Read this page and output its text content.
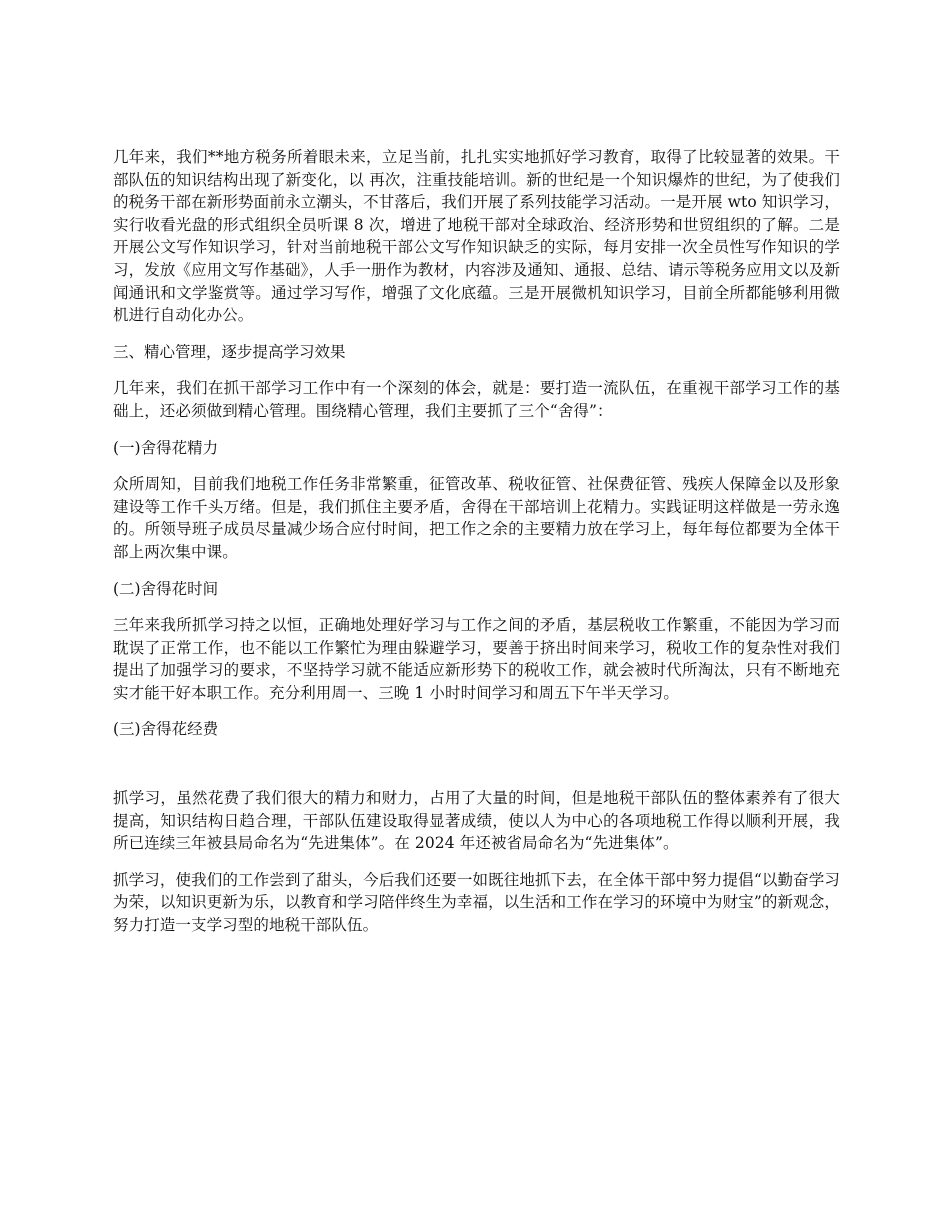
几年来，我们**地方税务所着眼未来，立足当前，扎扎实实地抓好学习教育，取得了比较显著的效果。干部队伍的知识结构出现了新变化，以 再次，注重技能培训。新的世纪是一个知识爆炸的世纪，为了使我们的税务干部在新形势面前永立潮头，不甘落后，我们开展了系列技能学习活动。一是开展 wto 知识学习，实行收看光盘的形式组织全员听课 8 次，增进了地税干部对全球政治、经济形势和世贸组织的了解。二是开展公文写作知识学习，针对当前地税干部公文写作知识缺乏的实际，每月安排一次全员性写作知识的学习，发放《应用文写作基础》，人手一册作为教材，内容涉及通知、通报、总结、请示等税务应用文以及新闻通讯和文学鉴赏等。通过学习写作，增强了文化底蕴。三是开展微机知识学习，目前全所都能够利用微机进行自动化办公。

三、精心管理，逐步提高学习效果

几年来，我们在抓干部学习工作中有一个深刻的体会，就是：要打造一流队伍，在重视干部学习工作的基础上，还必须做到精心管理。围绕精心管理，我们主要抓了三个“舍得”：

(一)舍得花精力

众所周知，目前我们地税工作任务非常繁重，征管改革、税收征管、社保费征管、残疾人保障金以及形象建设等工作千头万绪。但是，我们抓住主要矛盾，舍得在干部培训上花精力。实践证明这样做是一劳永逸的。所领导班子成员尽量减少场合应付时间，把工作之余的主要精力放在学习上，每年每位都要为全体干部上两次集中课。

(二)舍得花时间

三年来我所抓学习持之以恒，正确地处理好学习与工作之间的矛盾，基层税收工作繁重，不能因为学习而耽误了正常工作，也不能以工作繁忙为理由躲避学习，要善于挤出时间来学习，税收工作的复杂性对我们提出了加强学习的要求，不坚持学习就不能适应新形势下的税收工作，就会被时代所淘汰，只有不断地充实才能干好本职工作。充分利用周一、三晚 1 小时时间学习和周五下午半天学习。

(三)舍得花经费

抓学习，虽然花费了我们很大的精力和财力，占用了大量的时间，但是地税干部队伍的整体素养有了很大提高，知识结构日趋合理，干部队伍建设取得显著成绩，使以人为中心的各项地税工作得以顺利开展，我所已连续三年被县局命名为“先进集体”。在 2024 年还被省局命名为“先进集体”。

抓学习，使我们的工作尝到了甜头，今后我们还要一如既往地抓下去，在全体干部中努力提倡“以勤奋学习为荣，以知识更新为乐，以教育和学习陪伴终生为幸福，以生活和工作在学习的环境中为财宝”的新观念，努力打造一支学习型的地税干部队伍。
